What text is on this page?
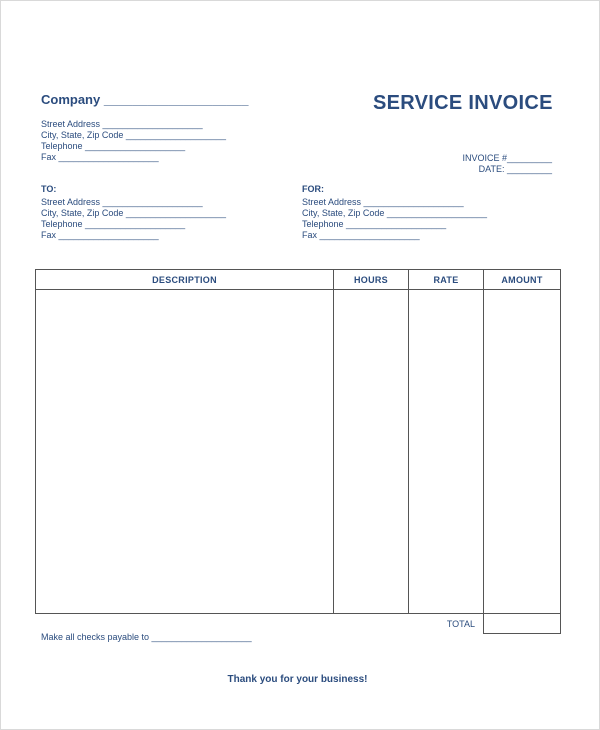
Company ____________________	SERVICE INVOICE
Street Address ____________________
City, State, Zip Code ____________________
Telephone ____________________
Fax ____________________	INVOICE #_________
DATE: _________
TO:
Street Address ____________________
City, State, Zip Code ____________________
Telephone ____________________
Fax ____________________
FOR:
Street Address ____________________
City, State, Zip Code ____________________
Telephone ____________________
Fax ____________________
DESCRIPTION	HOURS	RATE	AMOUNT

TOTAL			
Make all checks payable to ____________________
Thank you for your business!
